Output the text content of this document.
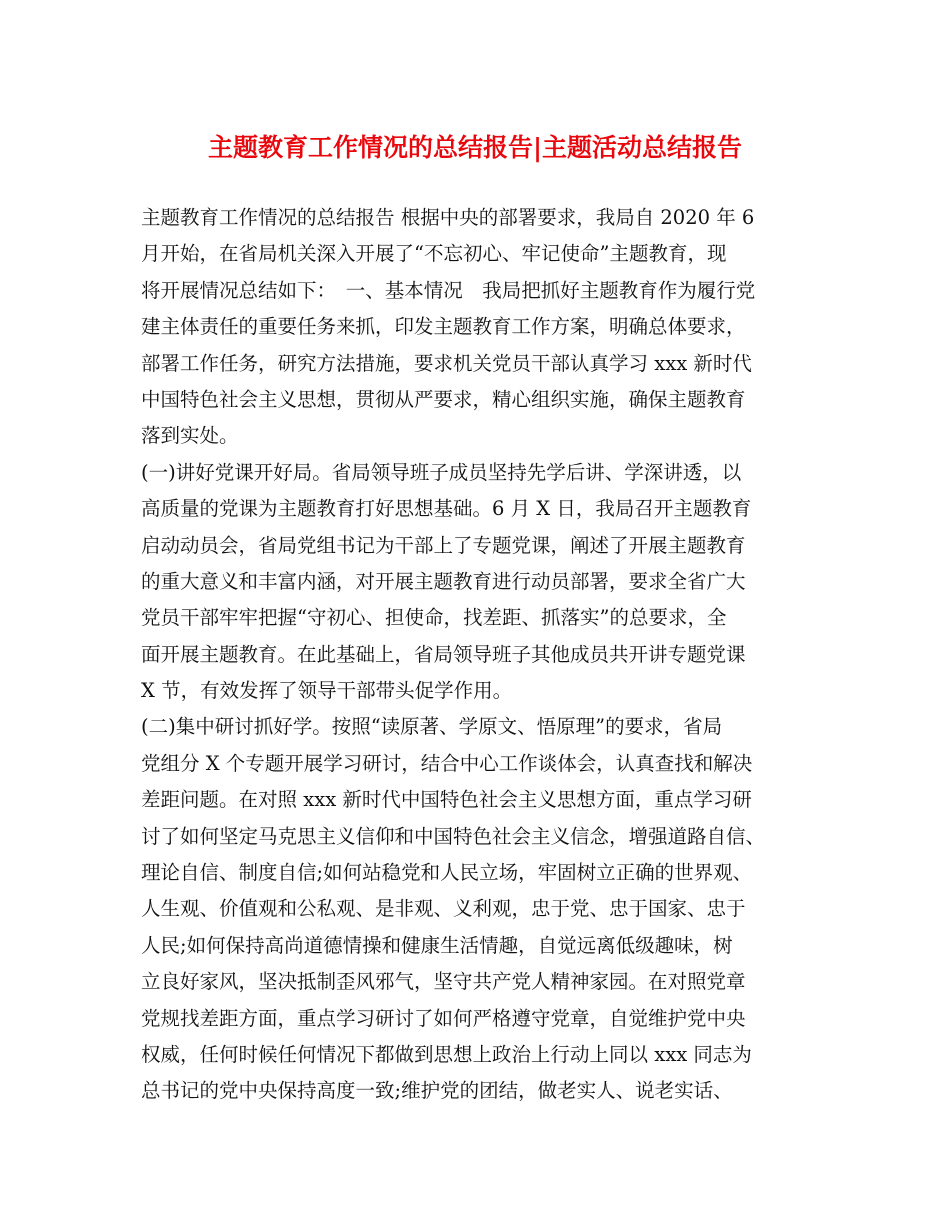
主题教育工作情况的总结报告|主题活动总结报告
主题教育工作情况的总结报告 根据中央的部署要求，我局自 2020 年 6
月开始，在省局机关深入开展了“不忘初心、牢记使命”主题教育，现
将开展情况总结如下：　一、基本情况　我局把抓好主题教育作为履行党
建主体责任的重要任务来抓，印发主题教育工作方案，明确总体要求，
部署工作任务，研究方法措施，要求机关党员干部认真学习 xxx 新时代
中国特色社会主义思想，贯彻从严要求，精心组织实施，确保主题教育
落到实处。
(一)讲好党课开好局。省局领导班子成员坚持先学后讲、学深讲透，以
高质量的党课为主题教育打好思想基础。6 月 X 日，我局召开主题教育
启动动员会，省局党组书记为干部上了专题党课，阐述了开展主题教育
的重大意义和丰富内涵，对开展主题教育进行动员部署，要求全省广大
党员干部牢牢把握“守初心、担使命，找差距、抓落实”的总要求，全
面开展主题教育。在此基础上，省局领导班子其他成员共开讲专题党课
X 节，有效发挥了领导干部带头促学作用。
(二)集中研讨抓好学。按照“读原著、学原文、悟原理”的要求，省局
党组分 X 个专题开展学习研讨，结合中心工作谈体会，认真查找和解决
差距问题。在对照 xxx 新时代中国特色社会主义思想方面，重点学习研
讨了如何坚定马克思主义信仰和中国特色社会主义信念，增强道路自信、
理论自信、制度自信;如何站稳党和人民立场，牢固树立正确的世界观、
人生观、价值观和公私观、是非观、义利观，忠于党、忠于国家、忠于
人民;如何保持高尚道德情操和健康生活情趣，自觉远离低级趣味，树
立良好家风，坚决抵制歪风邪气，坚守共产党人精神家园。在对照党章
党规找差距方面，重点学习研讨了如何严格遵守党章，自觉维护党中央
权威，任何时候任何情况下都做到思想上政治上行动上同以 xxx 同志为
总书记的党中央保持高度一致;维护党的团结，做老实人、说老实话、
